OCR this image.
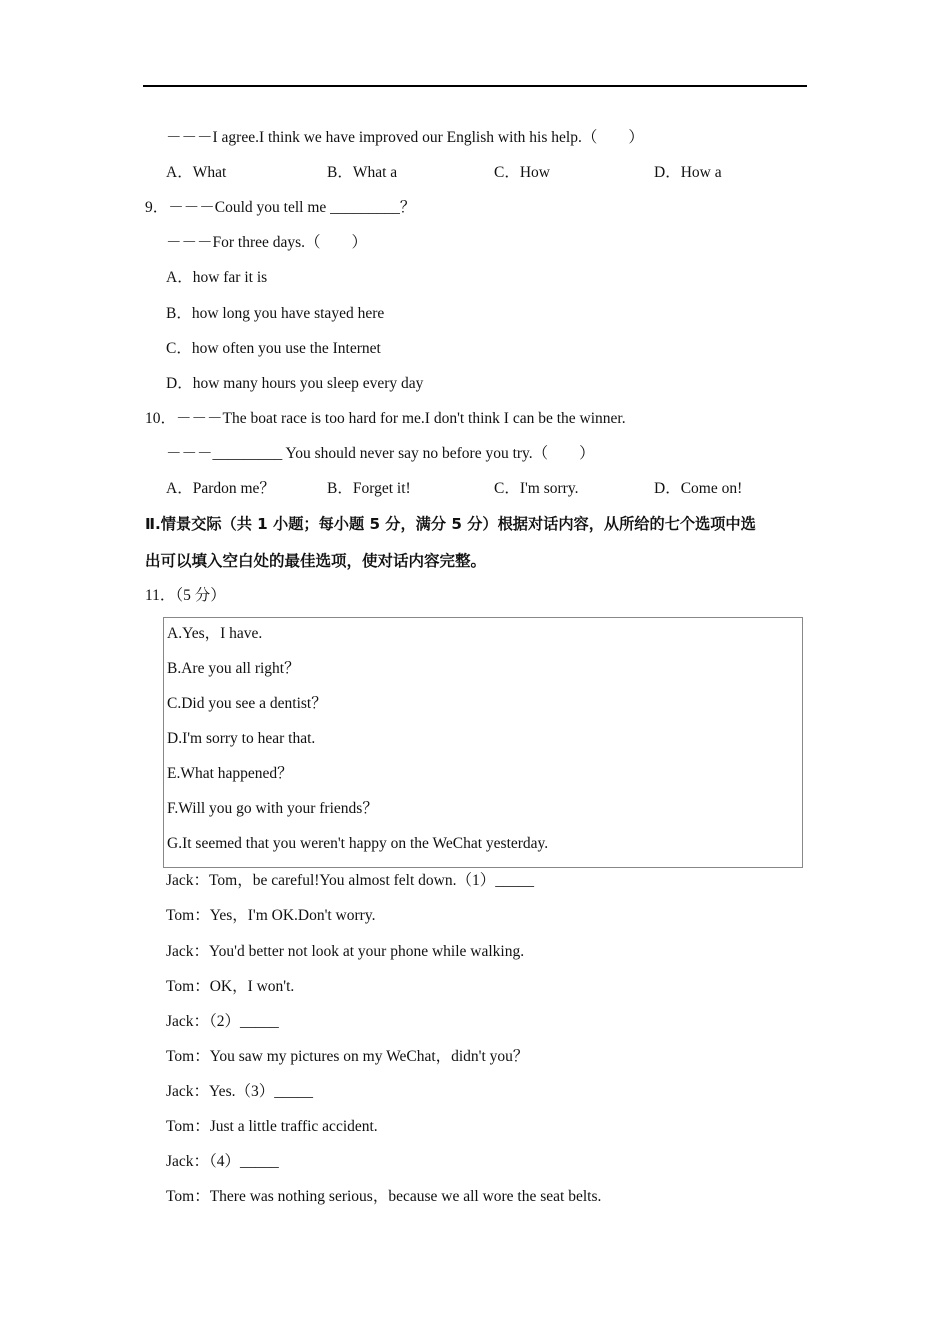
－－－I agree.I think we have improved our English with his help.（　　）
A．What	B．What a	C．How	D．How a
9．－－－Could you tell me _________？
－－－For three days.（　　）
A．how far it is
B．how long you have stayed here
C．how often you use the Internet
D．how many hours you sleep every day
10．－－－The boat race is too hard for me.I don't think I can be the winner.
－－－_________ You should never say no before you try.（　　）
A．Pardon me？	B．Forget it!	C．I'm sorry.	D．Come on!
Ⅱ.情景交际（共 1 小题；每小题 5 分，满分 5 分）根据对话内容，从所给的七个选项中选
出可以填入空白处的最佳选项，使对话内容完整。
11．（5 分）
A.Yes，I have.
B.Are you all right？
C.Did you see a dentist？
D.I'm sorry to hear that.
E.What happened？
F.Will you go with your friends？
G.It seemed that you weren't happy on the WeChat yesterday.
Jack：Tom，be careful!You almost felt down.（1）_____
Tom：Yes，I'm OK.Don't worry.
Jack：You'd better not look at your phone while walking.
Tom：OK，I won't.
Jack：（2）_____
Tom：You saw my pictures on my WeChat，didn't you？
Jack：Yes.（3）_____
Tom：Just a little traffic accident.
Jack：（4）_____
Tom：There was nothing serious，because we all wore the seat belts.
